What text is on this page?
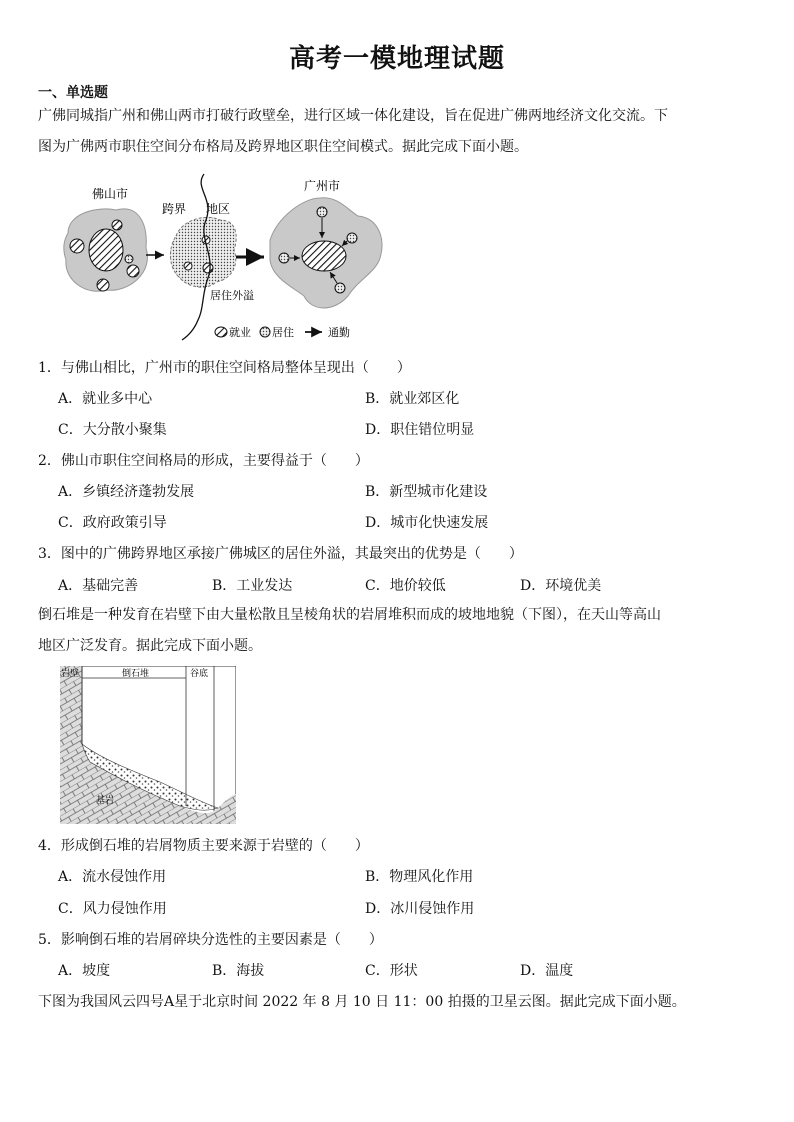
高考一模地理试题
一、单选题
广佛同城指广州和佛山两市打破行政壁垒，进行区域一体化建设，旨在促进广佛两地经济文化交流。下
图为广佛两市职住空间分布格局及跨界地区职住空间模式。据此完成下面小题。
佛山市
跨界 地区
居住外溢
广州市
就业 居住	通勤
1．与佛山相比，广州市的职住空间格局整体呈现出（　　）
A．就业多中心	B．就业郊区化
C．大分散小聚集	D．职住错位明显
2．佛山市职住空间格局的形成，主要得益于（　　）
A．乡镇经济蓬勃发展	B．新型城市化建设
C．政府政策引导	D．城市化快速发展
3．图中的广佛跨界地区承接广佛城区的居住外溢，其最突出的优势是（　　）
A．基础完善	B．工业发达	C．地价较低	D．环境优美
倒石堆是一种发育在岩壁下由大量松散且呈棱角状的岩屑堆积而成的坡地地貌（下图），在天山等高山
地区广泛发育。据此完成下面小题。
岩壁	倒石堆	谷底
基岩
4．形成倒石堆的岩屑物质主要来源于岩壁的（　　）
A．流水侵蚀作用	B．物理风化作用
C．风力侵蚀作用	D．冰川侵蚀作用
5．影响倒石堆的岩屑碎块分选性的主要因素是（　　）
A．坡度	B．海拔	C．形状	D．温度
下图为我国风云四号A星于北京时间 2022 年 8 月 10 日 11：00 拍摄的卫星云图。据此完成下面小题。
